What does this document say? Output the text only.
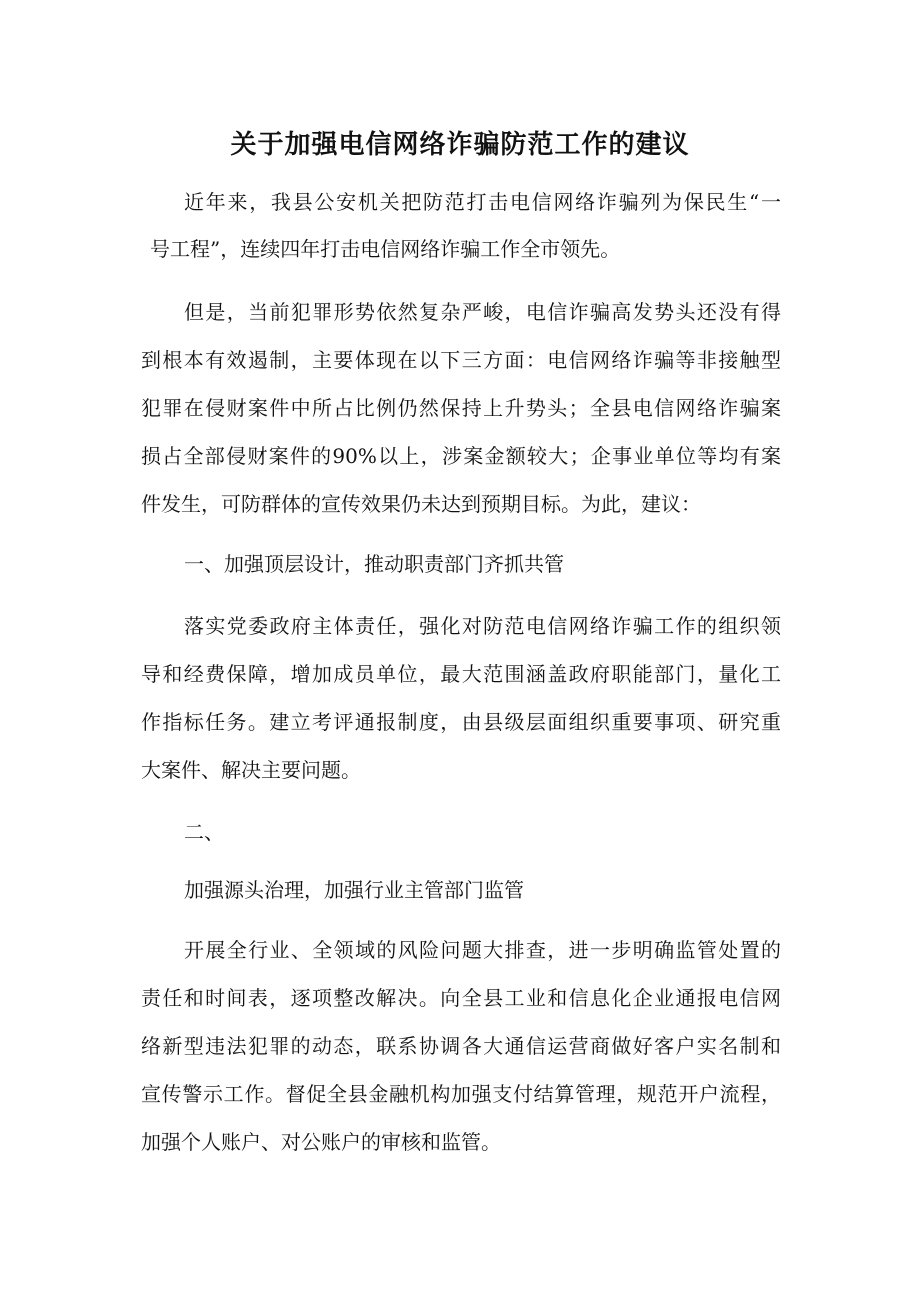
关于加强电信网络诈骗防范工作的建议

近年来，我县公安机关把防范打击电信网络诈骗列为保民生“一

号工程”，连续四年打击电信网络诈骗工作全市领先。

但是，当前犯罪形势依然复杂严峻，电信诈骗高发势头还没有得

到根本有效遏制，主要体现在以下三方面：电信网络诈骗等非接触型

犯罪在侵财案件中所占比例仍然保持上升势头；全县电信网络诈骗案

损占全部侵财案件的90%以上，涉案金额较大；企事业单位等均有案

件发生，可防群体的宣传效果仍未达到预期目标。为此，建议：

一、加强顶层设计，推动职责部门齐抓共管

落实党委政府主体责任，强化对防范电信网络诈骗工作的组织领

导和经费保障，增加成员单位，最大范围涵盖政府职能部门，量化工

作指标任务。建立考评通报制度，由县级层面组织重要事项、研究重

大案件、解决主要问题。

二、

加强源头治理，加强行业主管部门监管

开展全行业、全领域的风险问题大排查，进一步明确监管处置的

责任和时间表，逐项整改解决。向全县工业和信息化企业通报电信网

络新型违法犯罪的动态，联系协调各大通信运营商做好客户实名制和

宣传警示工作。督促全县金融机构加强支付结算管理，规范开户流程，

加强个人账户、对公账户的审核和监管。
